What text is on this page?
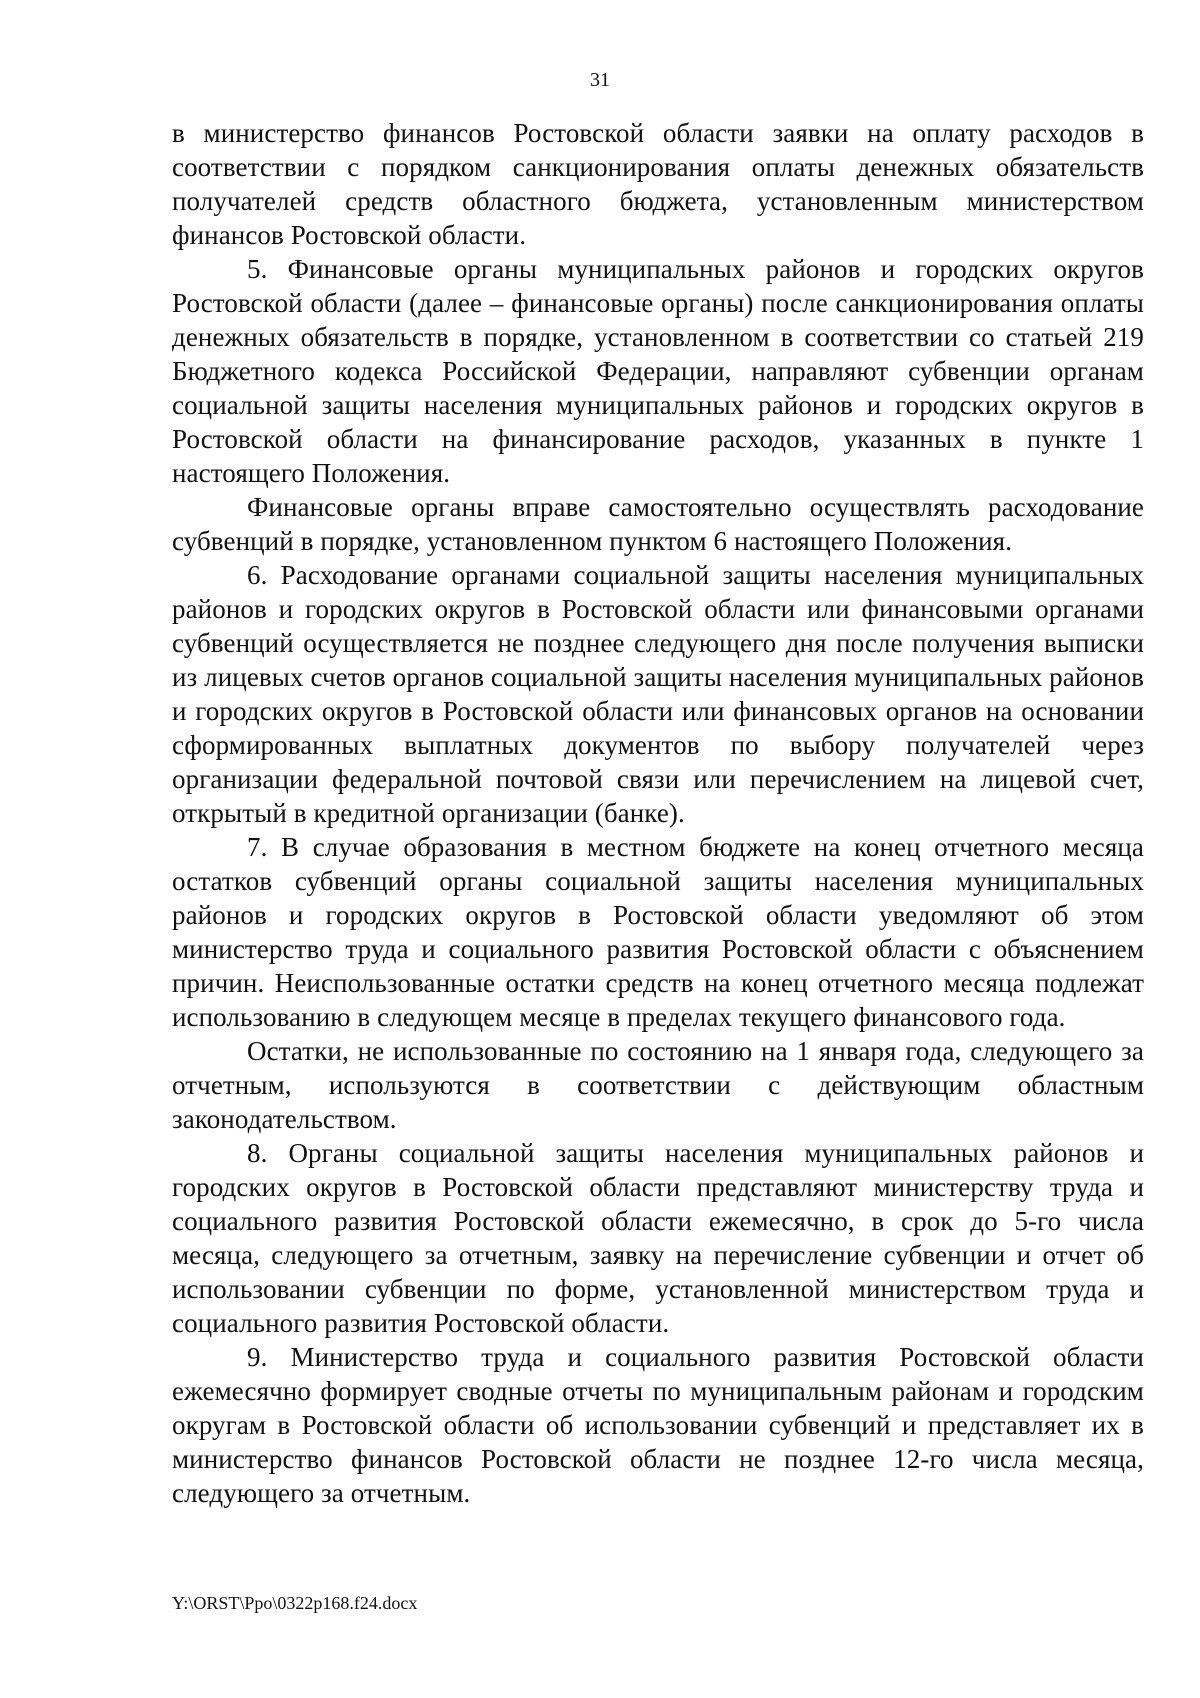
31

в министерство финансов Ростовской области заявки на оплату расходов в соответствии с порядком санкционирования оплаты денежных обязательств получателей средств областного бюджета, установленным министерством финансов Ростовской области.

5. Финансовые органы муниципальных районов и городских округов Ростовской области (далее – финансовые органы) после санкционирования оплаты денежных обязательств в порядке, установленном в соответствии со статьей 219 Бюджетного кодекса Российской Федерации, направляют субвенции органам социальной защиты населения муниципальных районов и городских округов в Ростовской области на финансирование расходов, указанных в пункте 1 настоящего Положения.

Финансовые органы вправе самостоятельно осуществлять расходование субвенций в порядке, установленном пунктом 6 настоящего Положения.

6. Расходование органами социальной защиты населения муниципальных районов и городских округов в Ростовской области или финансовыми органами субвенций осуществляется не позднее следующего дня после получения выписки из лицевых счетов органов социальной защиты населения муниципальных районов и городских округов в Ростовской области или финансовых органов на основании сформированных выплатных документов по выбору получателей через организации федеральной почтовой связи или перечислением на лицевой счет, открытый в кредитной организации (банке).

7. В случае образования в местном бюджете на конец отчетного месяца остатков субвенций органы социальной защиты населения муниципальных районов и городских округов в Ростовской области уведомляют об этом министерство труда и социального развития Ростовской области с объяснением причин. Неиспользованные остатки средств на конец отчетного месяца подлежат использованию в следующем месяце в пределах текущего финансового года.

Остатки, не использованные по состоянию на 1 января года, следующего за отчетным, используются в соответствии с действующим областным законодательством.

8. Органы социальной защиты населения муниципальных районов и городских округов в Ростовской области представляют министерству труда и социального развития Ростовской области ежемесячно, в срок до 5-го числа месяца, следующего за отчетным, заявку на перечисление субвенции и отчет об использовании субвенции по форме, установленной министерством труда и социального развития Ростовской области.

9. Министерство труда и социального развития Ростовской области ежемесячно формирует сводные отчеты по муниципальным районам и городским округам в Ростовской области об использовании субвенций и представляет их в министерство финансов Ростовской области не позднее 12-го числа месяца, следующего за отчетным.

Y:\ORST\Ppo\0322p168.f24.docx
